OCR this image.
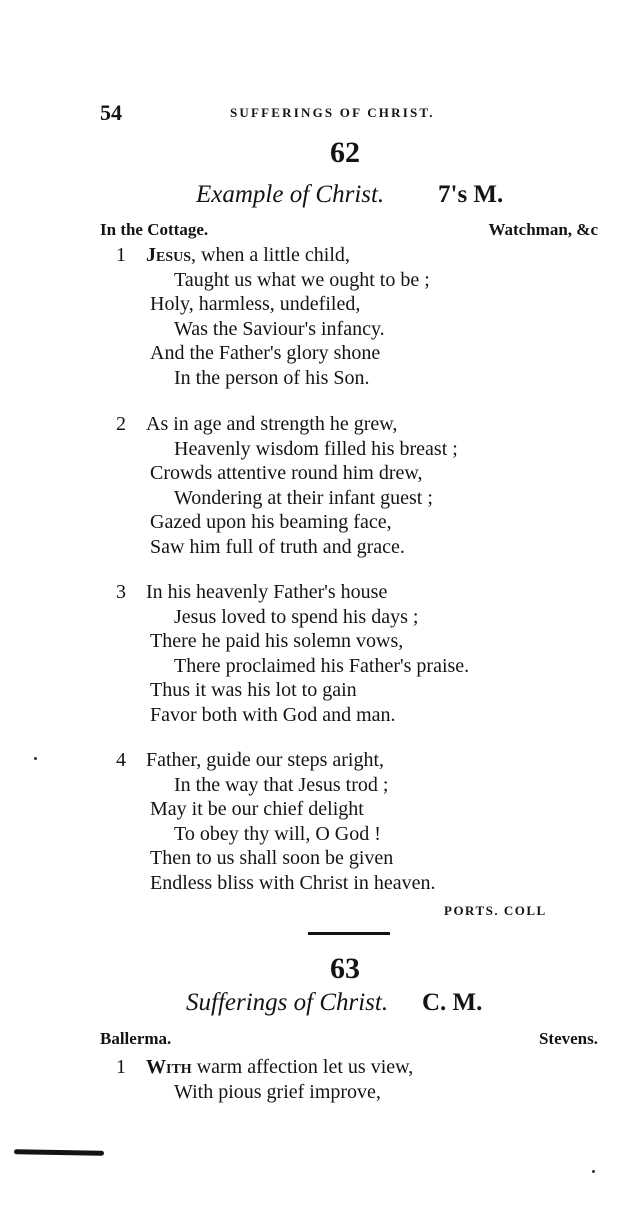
54	SUFFERINGS OF CHRIST.
62
Example of Christ. 7's M.
In the Cottage.	Watchman, &c
1 Jesus, when a little child,
Taught us what we ought to be ;
Holy, harmless, undefiled,
Was the Saviour's infancy.
And the Father's glory shone
In the person of his Son.
2 As in age and strength he grew,
Heavenly wisdom filled his breast ;
Crowds attentive round him drew,
Wondering at their infant guest ;
Gazed upon his beaming face,
Saw him full of truth and grace.
3 In his heavenly Father's house
Jesus loved to spend his days ;
There he paid his solemn vows,
There proclaimed his Father's praise.
Thus it was his lot to gain
Favor both with God and man.
4 Father, guide our steps aright,
In the way that Jesus trod ;
May it be our chief delight
To obey thy will, O God !
Then to us shall soon be given
Endless bliss with Christ in heaven.
PORTS. COLL
63
Sufferings of Christ. C. M.
Ballerma.	Stevens.
1 With warm affection let us view,
With pious grief improve,
